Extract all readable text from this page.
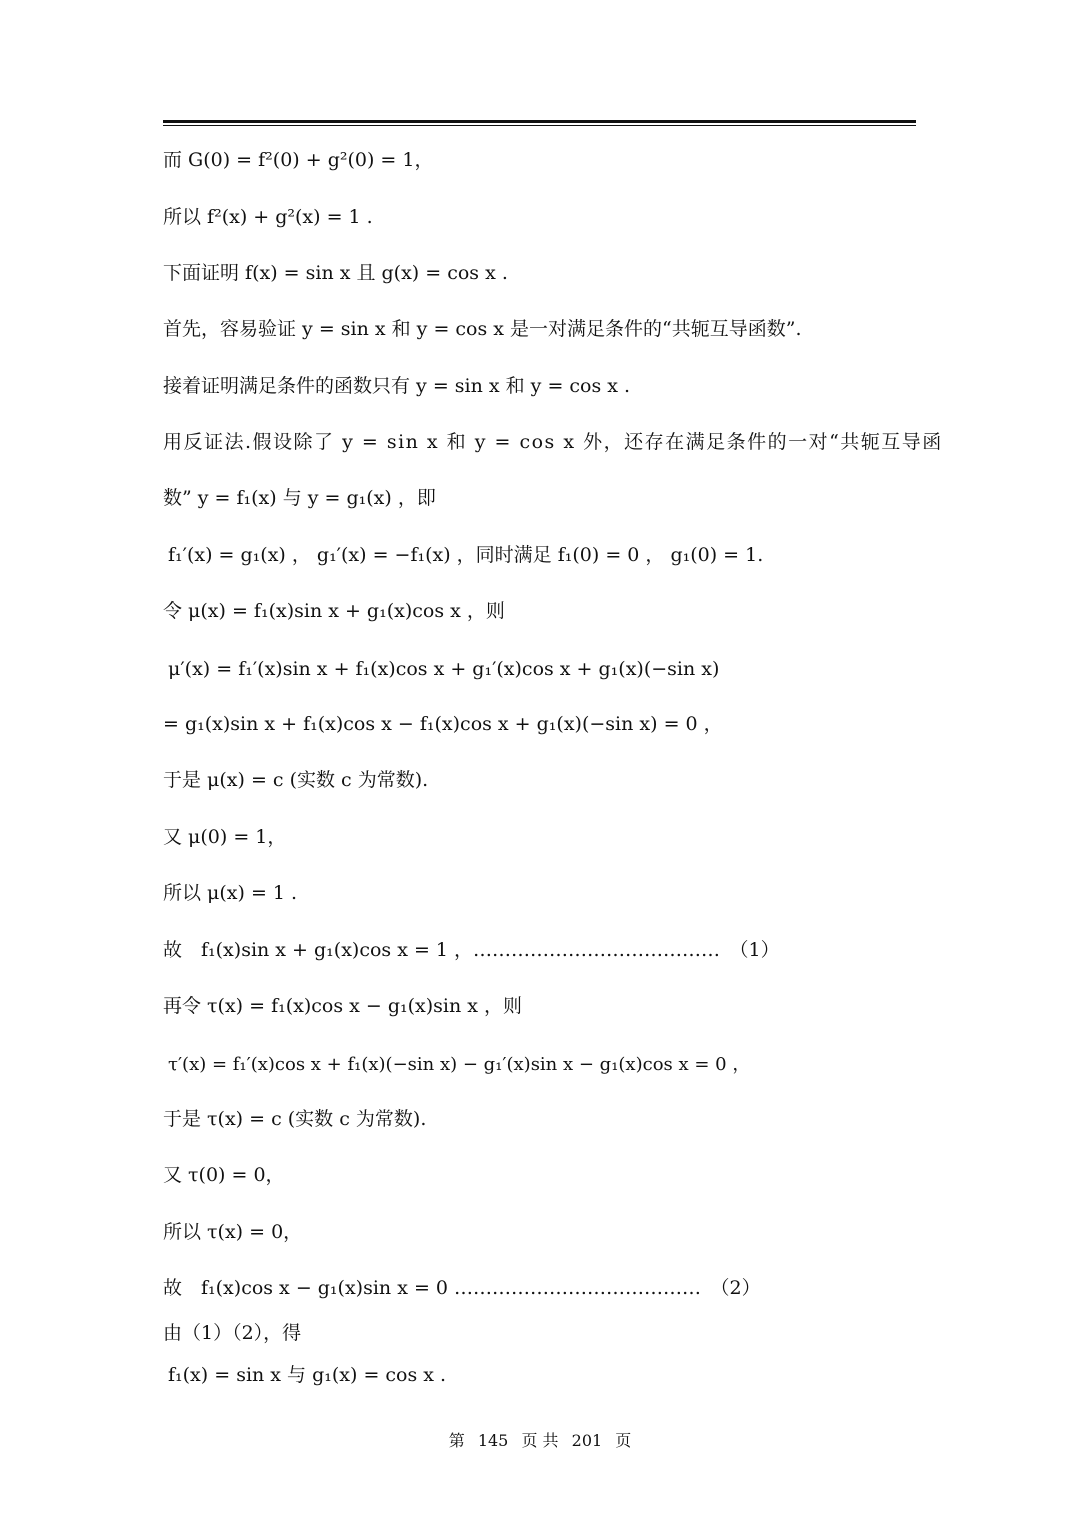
而 G(0) = f²(0) + g²(0) = 1，
所以 f²(x) + g²(x) = 1 .
下面证明 f(x) = sin x 且 g(x) = cos x .
首先，容易验证 y = sin x 和 y = cos x 是一对满足条件的“共轭互导函数”.
接着证明满足条件的函数只有 y = sin x 和 y = cos x .
用反证法.假设除了 y = sin x 和 y = cos x 外，还存在满足条件的一对“共轭互导函
数” y = f₁(x) 与 y = g₁(x) ，即
f₁′(x) = g₁(x) ， g₁′(x) = −f₁(x) ，同时满足 f₁(0) = 0 ， g₁(0) = 1.
令 μ(x) = f₁(x)sin x + g₁(x)cos x ，则
μ′(x) = f₁′(x)sin x + f₁(x)cos x + g₁′(x)cos x + g₁(x)(−sin x)
= g₁(x)sin x + f₁(x)cos x − f₁(x)cos x + g₁(x)(−sin x) = 0 ，
于是 μ(x) = c (实数 c 为常数).
又 μ(0) = 1，
所以 μ(x) = 1 .
故　f₁(x)sin x + g₁(x)cos x = 1 ，…………………………………　（1）
再令 τ(x) = f₁(x)cos x − g₁(x)sin x ，则
τ′(x) = f₁′(x)cos x + f₁(x)(−sin x) − g₁′(x)sin x − g₁(x)cos x = 0 ，
于是 τ(x) = c (实数 c 为常数).
又 τ(0) = 0，
所以 τ(x) = 0，
故　f₁(x)cos x − g₁(x)sin x = 0 …………………………………　（2）
由（1）（2），得
f₁(x) = sin x 与 g₁(x) = cos x .
第 145 页 共 201 页
